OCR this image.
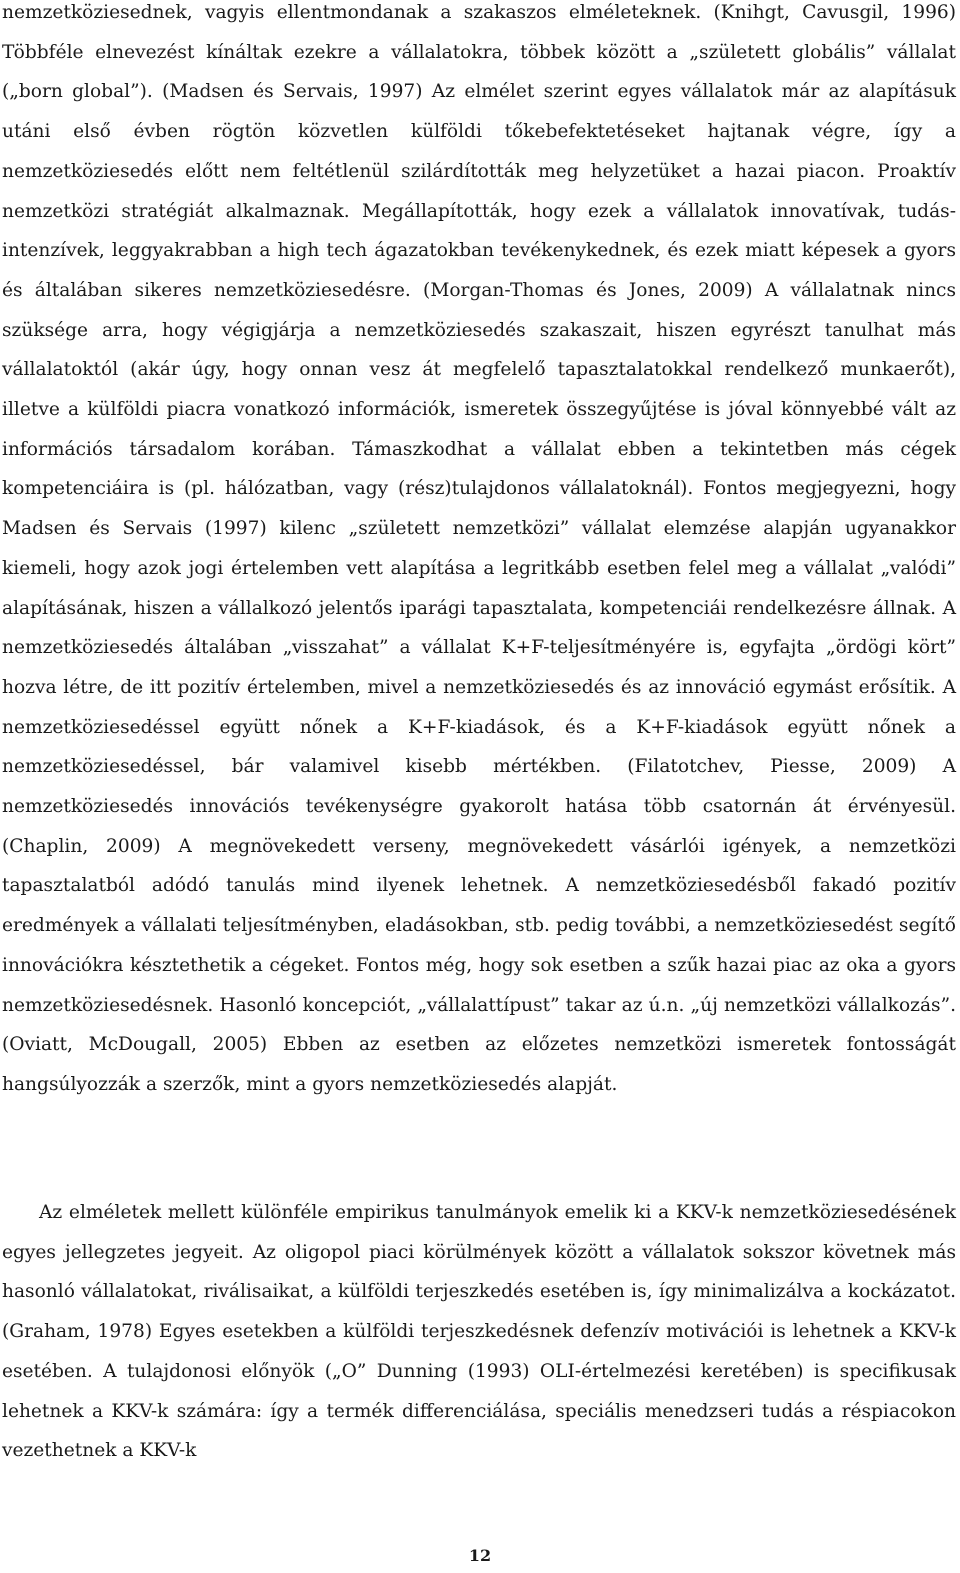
nemzetköziesednek, vagyis ellentmondanak a szakaszos elméleteknek. (Knihgt, Cavusgil, 1996) Többféle elnevezést kínáltak ezekre a vállalatokra, többek között a „született globális” vállalat („born global”). (Madsen és Servais, 1997) Az elmélet szerint egyes vállalatok már az alapításuk utáni első évben rögtön közvetlen külföldi tőkebefektetéseket hajtanak végre, így a nemzetköziesedés előtt nem feltétlenül szilárdították meg helyzetüket a hazai piacon. Proaktív nemzetközi stratégiát alkalmaznak. Megállapították, hogy ezek a vállalatok innovatívak, tudás-intenzívek, leggyakrabban a high tech ágazatokban tevékenykednek, és ezek miatt képesek a gyors és általában sikeres nemzetköziesedésre. (Morgan-Thomas és Jones, 2009) A vállalatnak nincs szüksége arra, hogy végigjárja a nemzetköziesedés szakaszait, hiszen egyrészt tanulhat más vállalatoktól (akár úgy, hogy onnan vesz át megfelelő tapasztalatokkal rendelkező munkaerőt), illetve a külföldi piacra vonatkozó információk, ismeretek összegyűjtése is jóval könnyebbé vált az információs társadalom korában. Támaszkodhat a vállalat ebben a tekintetben más cégek kompetenciáira is (pl. hálózatban, vagy (rész)tulajdonos vállalatoknál). Fontos megjegyezni, hogy Madsen és Servais (1997) kilenc „született nemzetközi” vállalat elemzése alapján ugyanakkor kiemeli, hogy azok jogi értelemben vett alapítása a legritkább esetben felel meg a vállalat „valódi” alapításának, hiszen a vállalkozó jelentős iparági tapasztalata, kompetenciái rendelkezésre állnak. A nemzetköziesedés általában „visszahat” a vállalat K+F-teljesítményére is, egyfajta „ördögi kört” hozva létre, de itt pozitív értelemben, mivel a nemzetköziesedés és az innováció egymást erősítik. A nemzetköziesedéssel együtt nőnek a K+F-kiadások, és a K+F-kiadások együtt nőnek a nemzetköziesedéssel, bár valamivel kisebb mértékben. (Filatotchev, Piesse, 2009) A nemzetköziesedés innovációs tevékenységre gyakorolt hatása több csatornán át érvényesül. (Chaplin, 2009) A megnövekedett verseny, megnövekedett vásárlói igények, a nemzetközi tapasztalatból adódó tanulás mind ilyenek lehetnek. A nemzetköziesedésből fakadó pozitív eredmények a vállalati teljesítményben, eladásokban, stb. pedig további, a nemzetköziesedést segítő innovációkra késztethetik a cégeket. Fontos még, hogy sok esetben a szűk hazai piac az oka a gyors nemzetköziesedésnek. Hasonló koncepciót, „vállalattípust” takar az ú.n. „új nemzetközi vállalkozás”. (Oviatt, McDougall, 2005) Ebben az esetben az előzetes nemzetközi ismeretek fontosságát hangsúlyozzák a szerzők, mint a gyors nemzetköziesedés alapját.

Az elméletek mellett különféle empirikus tanulmányok emelik ki a KKV-k nemzetköziesedésének egyes jellegzetes jegyeit. Az oligopol piaci körülmények között a vállalatok sokszor követnek más hasonló vállalatokat, riválisaikat, a külföldi terjeszkedés esetében is, így minimalizálva a kockázatot. (Graham, 1978) Egyes esetekben a külföldi terjeszkedésnek defenzív motivációi is lehetnek a KKV-k esetében. A tulajdonosi előnyök („O” Dunning (1993) OLI-értelmezési keretében) is specifikusak lehetnek a KKV-k számára: így a termék differenciálása, speciális menedzseri tudás a réspiacokon vezethetnek a KKV-k

12
